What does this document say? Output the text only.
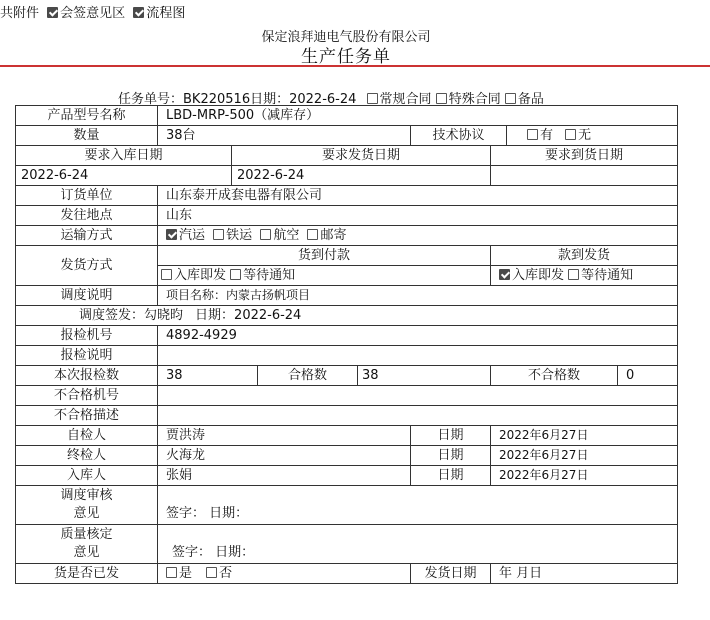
共附件 会签意见区 流程图
保定浪拜迪电气股份有限公司
生产任务单
任务单号：BK220516日期：2022-6-24 常规合同 特殊合同 备品
产品型号名称	LBD-MRP-500（减库存）							
数量	38台				技术协议		有 无	
要求入库日期		要求发货日期				要求到货日期		
2022-6-24		2022-6-24						
订货单位	山东泰开成套电器有限公司							
发往地点	山东							
运输方式	汽运 铁运 航空 邮寄							
发货方式	货到付款					款到发货		
	入库即发 等待通知					入库即发 等待通知		
调度说明	项目名称：内蒙古扬帆项目							
调度签发：勾晓昀 日期：2022-6-24								
报检机号	4892-4929							
报检说明								
本次报检数	38		合格数	38		不合格数		0
不合格机号								
不合格描述								
自检人	贾洪涛				日期	2022年6月27日		
终检人	火海龙				日期	2022年6月27日		
入库人	张娟				日期	2022年6月27日		

调度审核
意见	签字： 日期：							

质量核定
意见	签字： 日期：							
货是否已发	是 否				发货日期	年 月日		
